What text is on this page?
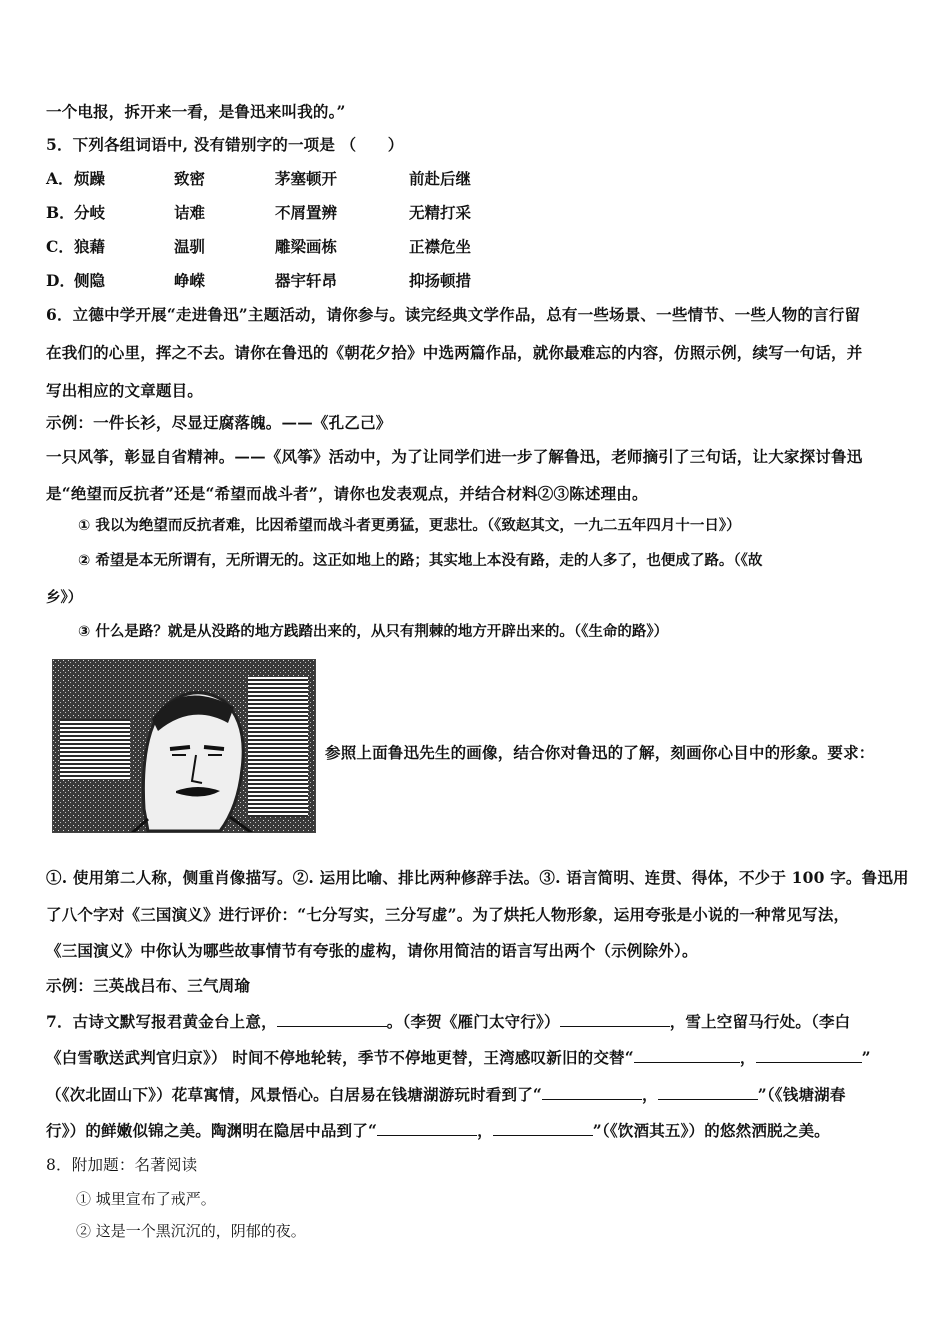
一个电报，拆开来一看，是鲁迅来叫我的。”
5．下列各组词语中, 没有错别字的一项是 （　　）
A． 烦躁	致密	茅塞顿开	前赴后继
B． 分岐	诘难	不屑置辨	无精打采
C． 狼藉	温驯	雕梁画栋	正襟危坐
D． 侧隐	峥嵘	器宇轩昂	抑扬顿措
6．立德中学开展“走进鲁迅”主题活动，请你参与。读完经典文学作品，总有一些场景、一些情节、一些人物的言行留
在我们的心里，挥之不去。请你在鲁迅的《朝花夕拾》中选两篇作品，就你最难忘的内容，仿照示例，续写一句话，并
写出相应的文章题目。
示例：一件长衫，尽显迂腐落魄。——《孔乙己》
一只风筝，彰显自省精神。——《风筝》活动中，为了让同学们进一步了解鲁迅，老师摘引了三句话，让大家探讨鲁迅
是“绝望而反抗者”还是“希望而战斗者”，请你也发表观点，并结合材料②③陈述理由。
① 我以为绝望而反抗者难，比因希望而战斗者更勇猛，更悲壮。（《致赵其文，一九二五年四月十一日》）
② 希望是本无所谓有，无所谓无的。这正如地上的路；其实地上本没有路，走的人多了，也便成了路。（《故
乡》）
③ 什么是路？就是从没路的地方践踏出来的，从只有荆棘的地方开辟出来的。（《生命的路》）
参照上面鲁迅先生的画像，结合你对鲁迅的了解，刻画你心目中的形象。要求：
①. 使用第二人称，侧重肖像描写。②. 运用比喻、排比两种修辞手法。③. 语言简明、连贯、得体，不少于 100 字。鲁迅用
了八个字对《三国演义》进行评价：“七分写实，三分写虚”。为了烘托人物形象，运用夸张是小说的一种常见写法，
《三国演义》中你认为哪些故事情节有夸张的虚构，请你用简洁的语言写出两个（示例除外）。
示例：三英战吕布、三气周瑜
7．古诗文默写报君黄金台上意，	。（李贺《雁门太守行》）	，雪上空留马行处。（李白
《白雪歌送武判官归京》） 时间不停地轮转，季节不停地更替，王湾感叹新旧的交替“	，	”
（《次北固山下》）花草寓情，风景悟心。白居易在钱塘湖游玩时看到了“	，	”（《钱塘湖春
行》）的鲜嫩似锦之美。陶渊明在隐居中品到了“	，	”（《饮酒其五》）的悠然洒脱之美。
8．附加题：名著阅读
① 城里宣布了戒严。
② 这是一个黑沉沉的，阴郁的夜。
